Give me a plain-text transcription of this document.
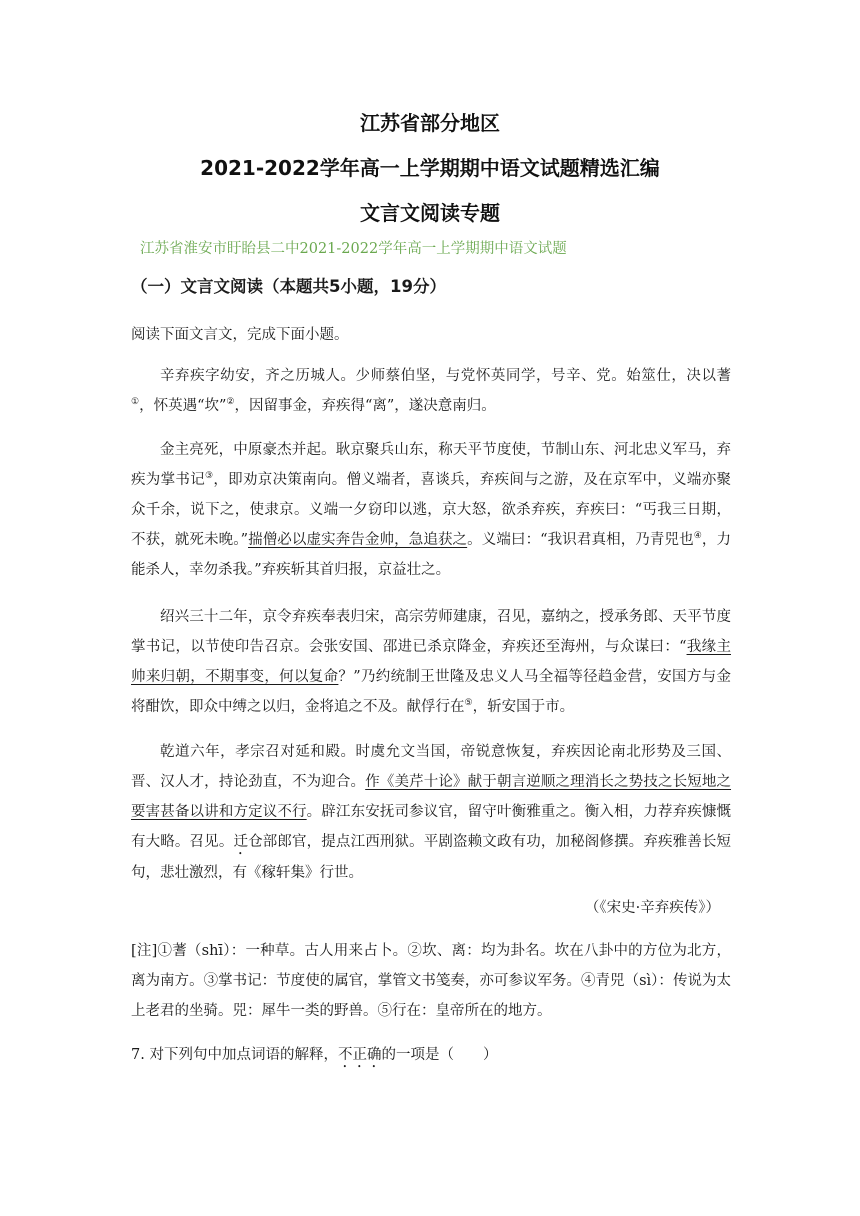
江苏省部分地区
2021-2022学年高一上学期期中语文试题精选汇编
文言文阅读专题
江苏省淮安市盱眙县二中2021-2022学年高一上学期期中语文试题
（一）文言文阅读（本题共5小题，19分）
阅读下面文言文，完成下面小题。

辛弃疾字幼安，齐之历城人。少师蔡伯坚，与党怀英同学，号辛、党。始筮仕，决以蓍①，怀英遇“坎”②，因留事金，弃疾得“离”，遂决意南归。

金主亮死，中原豪杰并起。耿京聚兵山东，称天平节度使，节制山东、河北忠义军马，弃疾为掌书记③，即劝京决策南向。僧义端者，喜谈兵，弃疾间与之游，及在京军中，义端亦聚众千余，说下之，使隶京。义端一夕窃印以逃，京大怒，欲杀弃疾，弃疾曰：“丐我三日期，不获，就死未晚。”揣僧必以虚实奔告金帅，急追获之。义端曰：“我识君真相，乃青兕也④，力能杀人，幸勿杀我。”弃疾斩其首归报，京益壮之。

绍兴三十二年，京令弃疾奉表归宋，高宗劳师建康，召见，嘉纳之，授承务郎、天平节度掌书记，以节使印告召京。会张安国、邵进已杀京降金，弃疾还至海州，与众谋曰：“我缘主帅来归朝，不期事变，何以复命？”乃约统制王世隆及忠义人马全福等径趋金营，安国方与金将酣饮，即众中缚之以归，金将追之不及。献俘行在⑤，斩安国于市。

乾道六年，孝宗召对延和殿。时虞允文当国，帝锐意恢复，弃疾因论南北形势及三国、晋、汉人才，持论劲直，不为迎合。作《美芹十论》献于朝言逆顺之理消长之势技之长短地之要害甚备以讲和方定议不行。辟江东安抚司参议官，留守叶衡雅重之。衡入相，力荐弃疾慷慨有大略。召见。迁仓部郎官，提点江西刑狱。平剧盗赖文政有功，加秘阁修撰。弃疾雅善长短句，悲壮激烈，有《稼轩集》行世。

（《宋史·辛弃疾传》）

[注]①蓍（shī）：一种草。古人用来占卜。②坎、离：均为卦名。坎在八卦中的方位为北方，离为南方。③掌书记：节度使的属官，掌管文书笺奏，亦可参议军务。④青兕（sì）：传说为太上老君的坐骑。兕：犀牛一类的野兽。⑤行在：皇帝所在的地方。

7. 对下列句中加点词语的解释，不正确的一项是（　　）
